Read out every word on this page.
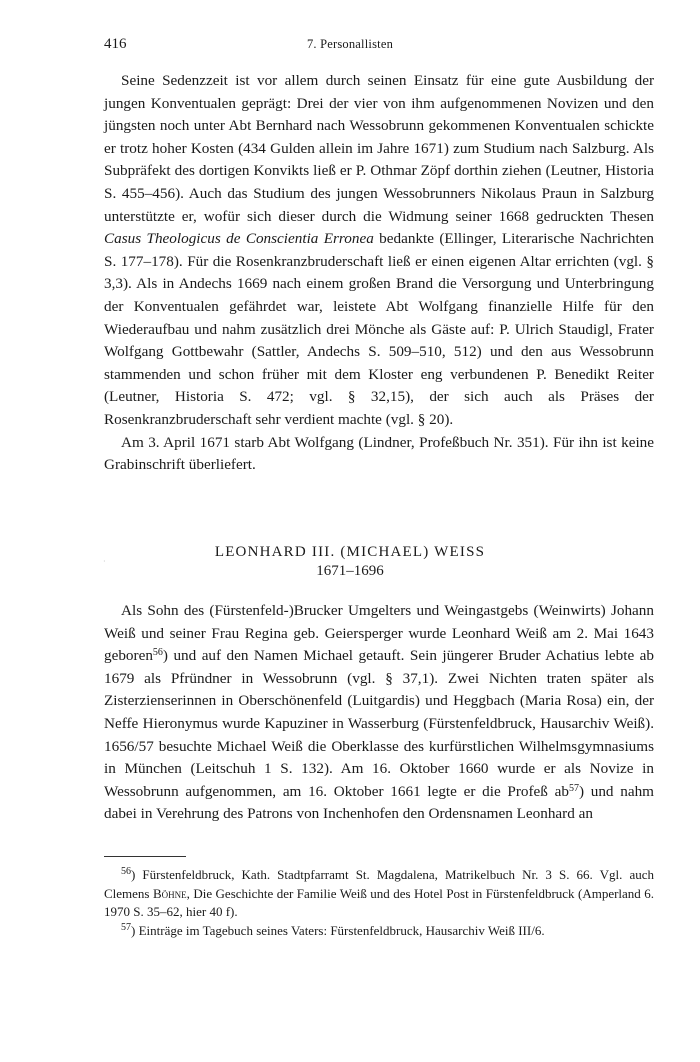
416	7. Personallisten

Seine Sedenzzeit ist vor allem durch seinen Einsatz für eine gute Ausbildung der jungen Konventualen geprägt: Drei der vier von ihm aufgenommenen Novizen und den jüngsten noch unter Abt Bernhard nach Wessobrunn gekommenen Konventualen schickte er trotz hoher Kosten (434 Gulden allein im Jahre 1671) zum Studium nach Salzburg. Als Subpräfekt des dortigen Konvikts ließ er P. Othmar Zöpf dorthin ziehen (Leutner, Historia S. 455–456). Auch das Studium des jungen Wessobrunners Nikolaus Praun in Salzburg unterstützte er, wofür sich dieser durch die Widmung seiner 1668 gedruckten Thesen Casus Theologicus de Conscientia Erronea bedankte (Ellinger, Literarische Nachrichten S. 177–178). Für die Rosenkranzbruderschaft ließ er einen eigenen Altar errichten (vgl. § 3,3). Als in Andechs 1669 nach einem großen Brand die Versorgung und Unterbringung der Konventualen gefährdet war, leistete Abt Wolfgang finanzielle Hilfe für den Wiederaufbau und nahm zusätzlich drei Mönche als Gäste auf: P. Ulrich Staudigl, Frater Wolfgang Gottbewahr (Sattler, Andechs S. 509–510, 512) und den aus Wessobrunn stammenden und schon früher mit dem Kloster eng verbundenen P. Benedikt Reiter (Leutner, Historia S. 472; vgl. § 32,15), der sich auch als Präses der Rosenkranzbruderschaft sehr verdient machte (vgl. § 20).

Am 3. April 1671 starb Abt Wolfgang (Lindner, Profeßbuch Nr. 351). Für ihn ist keine Grabinschrift überliefert.

·
LEONHARD III. (MICHAEL) WEISS
1671–1696

Als Sohn des (Fürstenfeld-)Brucker Umgelters und Weingastgebs (Weinwirts) Johann Weiß und seiner Frau Regina geb. Geiersperger wurde Leonhard Weiß am 2. Mai 1643 geboren$^{56}$) und auf den Namen Michael getauft. Sein jüngerer Bruder Achatius lebte ab 1679 als Pfründner in Wessobrunn (vgl. § 37,1). Zwei Nichten traten später als Zisterzienserinnen in Oberschönenfeld (Luitgardis) und Heggbach (Maria Rosa) ein, der Neffe Hieronymus wurde Kapuziner in Wasserburg (Fürstenfeldbruck, Hausarchiv Weiß). 1656/57 besuchte Michael Weiß die Oberklasse des kurfürstlichen Wilhelmsgymnasiums in München (Leitschuh 1 S. 132). Am 16. Oktober 1660 wurde er als Novize in Wessobrunn aufgenommen, am 16. Oktober 1661 legte er die Profeß $ab^{57}$) und nahm dabei in Verehrung des Patrons von Inchenhofen den Ordensnamen Leonhard an

$^{56}$) Fürstenfeldbruck, Kath. Stadtpfarramt St. Magdalena, Matrikelbuch Nr. 3 S. 66. Vgl. auch Clemens Böhne, Die Geschichte der Familie Weiß und des Hotel Post in Fürstenfeldbruck (Amperland 6. 1970 S. 35–62, hier 40 f).

$^{57}$) Einträge im Tagebuch seines Vaters: Fürstenfeldbruck, Hausarchiv Weiß III/6.
